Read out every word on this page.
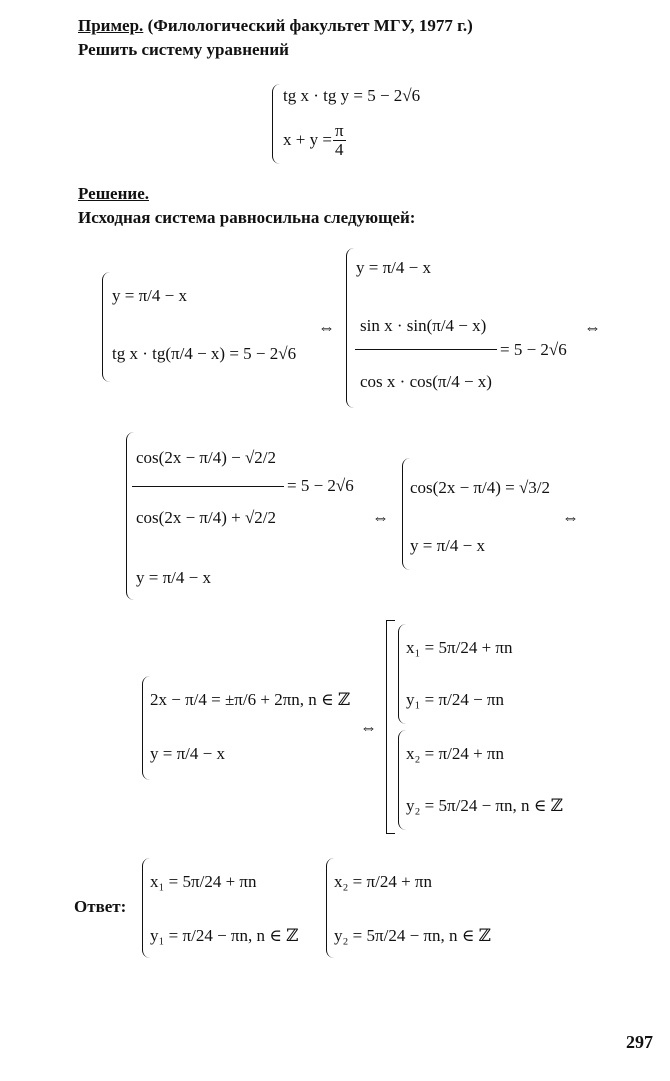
Пример. (Филологический факультет МГУ, 1977 г.)
Решить систему уравнений
tg x · tg y = 5 − 2√6
$x + y = \frac{\pi}{4}$
Решение.
Исходная система равносильна следующей:
y = π/4 − x
tg x · tg(π/4 − x) = 5 − 2√6
⇔
y = π/4 − x
sin x · sin(π/4 − x)
= 5 − 2√6
cos x · cos(π/4 − x)
⇔
cos(2x − π/4) − √2/2
= 5 − 2√6
cos(2x − π/4) + √2/2
y = π/4 − x
⇔
cos(2x − π/4) = √3/2
y = π/4 − x
⇔
2x − π/4 = ±π/6 + 2πn, n ∈ ℤ
y = π/4 − x
⇔
x₁ = 5π/24 + πn
y₁ = π/24 − πn
x₂ = π/24 + πn
y₂ = 5π/24 − πn, n ∈ ℤ
Ответ:
x₁ = 5π/24 + πn
y₁ = π/24 − πn, n ∈ ℤ
x₂ = π/24 + πn
y₂ = 5π/24 − πn, n ∈ ℤ
297
